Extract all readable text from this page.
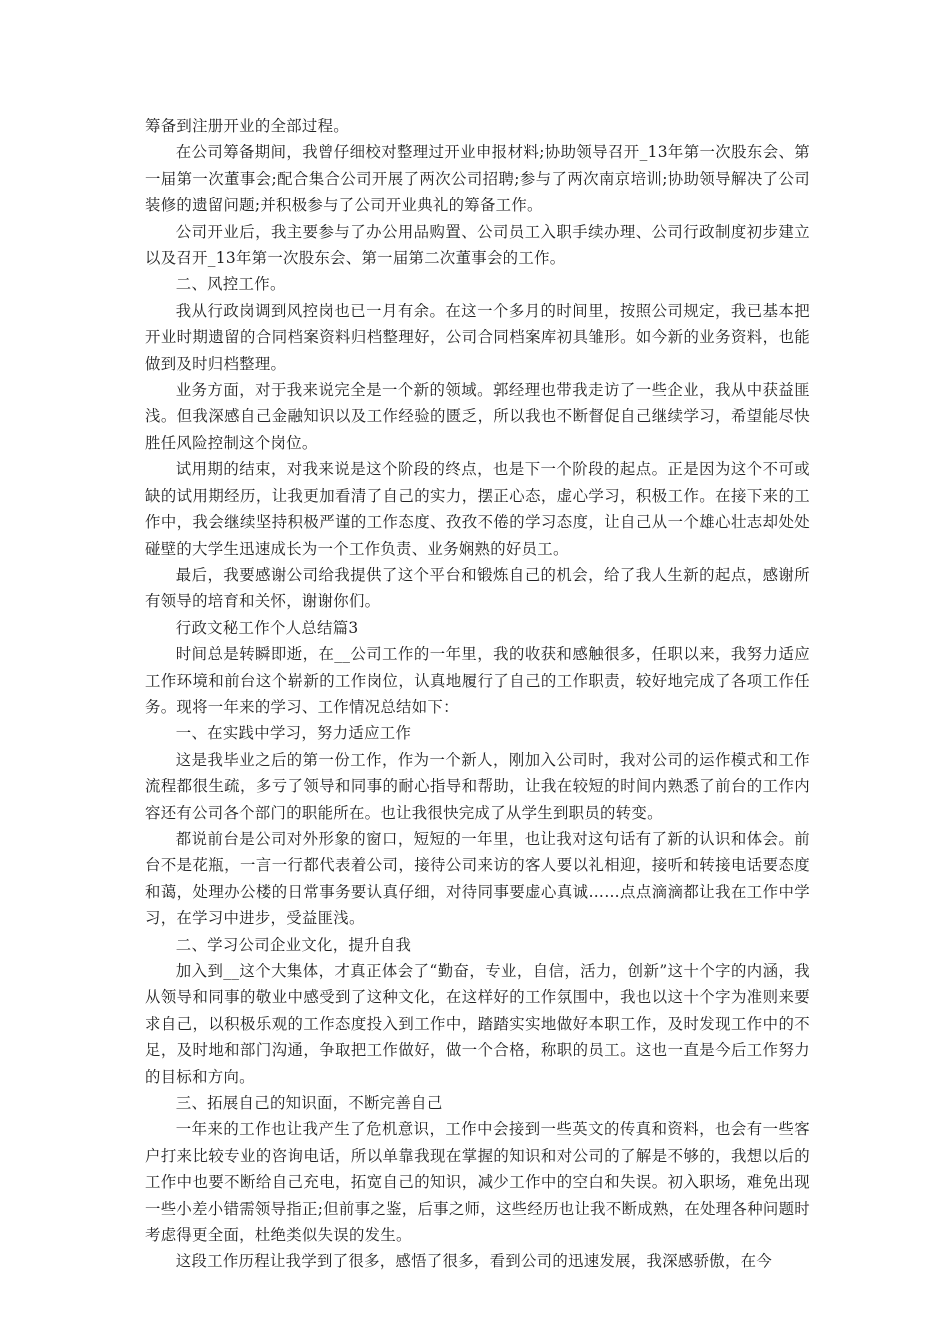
筹备到注册开业的全部过程。

在公司筹备期间，我曾仔细校对整理过开业申报材料;协助领导召开_13年第一次股东会、第一届第一次董事会;配合集合公司开展了两次公司招聘;参与了两次南京培训;协助领导解决了公司装修的遗留问题;并积极参与了公司开业典礼的筹备工作。

公司开业后，我主要参与了办公用品购置、公司员工入职手续办理、公司行政制度初步建立以及召开_13年第一次股东会、第一届第二次董事会的工作。

二、风控工作。

我从行政岗调到风控岗也已一月有余。在这一个多月的时间里，按照公司规定，我已基本把开业时期遗留的合同档案资料归档整理好，公司合同档案库初具雏形。如今新的业务资料，也能做到及时归档整理。

业务方面，对于我来说完全是一个新的领域。郭经理也带我走访了一些企业，我从中获益匪浅。但我深感自己金融知识以及工作经验的匮乏，所以我也不断督促自己继续学习，希望能尽快胜任风险控制这个岗位。

试用期的结束，对我来说是这个阶段的终点，也是下一个阶段的起点。正是因为这个不可或缺的试用期经历，让我更加看清了自己的实力，摆正心态，虚心学习，积极工作。在接下来的工作中，我会继续坚持积极严谨的工作态度、孜孜不倦的学习态度，让自己从一个雄心壮志却处处碰壁的大学生迅速成长为一个工作负责、业务娴熟的好员工。

最后，我要感谢公司给我提供了这个平台和锻炼自己的机会，给了我人生新的起点，感谢所有领导的培育和关怀，谢谢你们。

行政文秘工作个人总结篇3

时间总是转瞬即逝，在__公司工作的一年里，我的收获和感触很多，任职以来，我努力适应工作环境和前台这个崭新的工作岗位，认真地履行了自己的工作职责，较好地完成了各项工作任务。现将一年来的学习、工作情况总结如下：

一、在实践中学习，努力适应工作

这是我毕业之后的第一份工作，作为一个新人，刚加入公司时，我对公司的运作模式和工作流程都很生疏，多亏了领导和同事的耐心指导和帮助，让我在较短的时间内熟悉了前台的工作内容还有公司各个部门的职能所在。也让我很快完成了从学生到职员的转变。

都说前台是公司对外形象的窗口，短短的一年里，也让我对这句话有了新的认识和体会。前台不是花瓶，一言一行都代表着公司，接待公司来访的客人要以礼相迎，接听和转接电话要态度和蔼，处理办公楼的日常事务要认真仔细，对待同事要虚心真诚……点点滴滴都让我在工作中学习，在学习中进步，受益匪浅。

二、学习公司企业文化，提升自我

加入到__这个大集体，才真正体会了“勤奋，专业，自信，活力，创新”这十个字的内涵，我从领导和同事的敬业中感受到了这种文化，在这样好的工作氛围中，我也以这十个字为准则来要求自己，以积极乐观的工作态度投入到工作中，踏踏实实地做好本职工作，及时发现工作中的不足，及时地和部门沟通，争取把工作做好，做一个合格，称职的员工。这也一直是今后工作努力的目标和方向。

三、拓展自己的知识面，不断完善自己

一年来的工作也让我产生了危机意识，工作中会接到一些英文的传真和资料，也会有一些客户打来比较专业的咨询电话，所以单靠我现在掌握的知识和对公司的了解是不够的，我想以后的工作中也要不断给自己充电，拓宽自己的知识，减少工作中的空白和失误。初入职场，难免出现一些小差小错需领导指正;但前事之鉴，后事之师，这些经历也让我不断成熟，在处理各种问题时考虑得更全面，杜绝类似失误的发生。

这段工作历程让我学到了很多，感悟了很多，看到公司的迅速发展，我深感骄傲，在今
